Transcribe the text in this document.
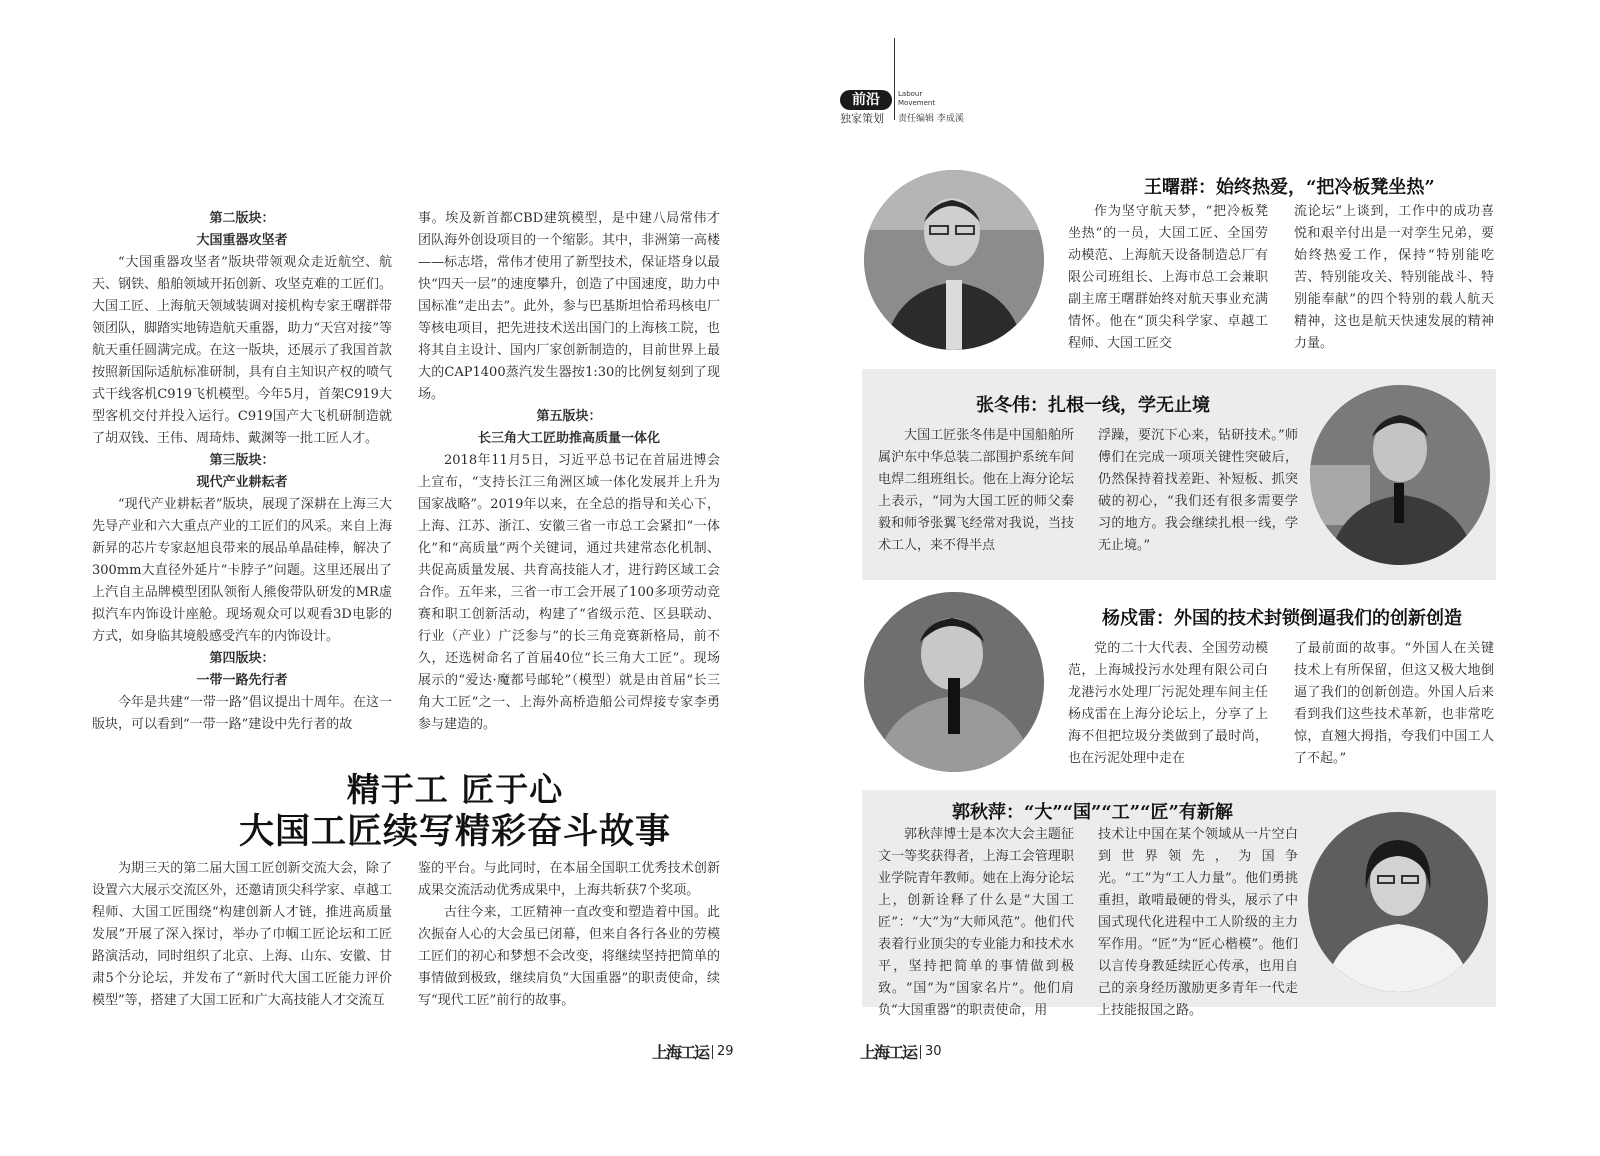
第二版块：
大国重器攻坚者

“大国重器攻坚者”版块带领观众走近航空、航天、钢铁、船舶领域开拓创新、攻坚克难的工匠们。大国工匠、上海航天领域装调对接机构专家王曙群带领团队，脚踏实地铸造航天重器，助力“天宫对接”等航天重任圆满完成。在这一版块，还展示了我国首款按照新国际适航标准研制，具有自主知识产权的喷气式干线客机C919飞机模型。今年5月，首架C919大型客机交付并投入运行。C919国产大飞机研制造就了胡双钱、王伟、周琦炜、戴渊等一批工匠人才。

第三版块：
现代产业耕耘者

“现代产业耕耘者”版块，展现了深耕在上海三大先导产业和六大重点产业的工匠们的风采。来自上海新昇的芯片专家赵旭良带来的展品单晶硅棒，解决了300mm大直径外延片“卡脖子”问题。这里还展出了上汽自主品牌模型团队领衔人熊俊带队研发的MR虚拟汽车内饰设计座舱。现场观众可以观看3D电影的方式，如身临其境般感受汽车的内饰设计。

第四版块：
一带一路先行者

今年是共建“一带一路”倡议提出十周年。在这一版块，可以看到“一带一路”建设中先行者的故

事。埃及新首都CBD建筑模型，是中建八局常伟才团队海外创设项目的一个缩影。其中，非洲第一高楼——标志塔，常伟才使用了新型技术，保证塔身以最快“四天一层”的速度攀升，创造了中国速度，助力中国标准“走出去”。此外，参与巴基斯坦恰希玛核电厂等核电项目，把先进技术送出国门的上海核工院，也将其自主设计、国内厂家创新制造的，目前世界上最大的CAP1400蒸汽发生器按1:30的比例复刻到了现场。

第五版块：
长三角大工匠助推高质量一体化

2018年11月5日，习近平总书记在首届进博会上宣布，“支持长江三角洲区域一体化发展并上升为国家战略”。2019年以来，在全总的指导和关心下，上海、江苏、浙江、安徽三省一市总工会紧扣“一体化”和“高质量”两个关键词，通过共建常态化机制、共促高质量发展、共育高技能人才，进行跨区域工会合作。五年来，三省一市工会开展了100多项劳动竞赛和职工创新活动，构建了“省级示范、区县联动、行业（产业）广泛参与”的长三角竞赛新格局，前不久，还选树命名了首届40位“长三角大工匠”。现场展示的“爱达·魔都号邮轮”（模型）就是由首届“长三角大工匠”之一、上海外高桥造船公司焊接专家李勇参与建造的。

精于工 匠于心
大国工匠续写精彩奋斗故事

为期三天的第二届大国工匠创新交流大会，除了设置六大展示交流区外，还邀请顶尖科学家、卓越工程师、大国工匠围绕“构建创新人才链，推进高质量发展”开展了深入探讨，举办了巾帼工匠论坛和工匠路演活动，同时组织了北京、上海、山东、安徽、甘肃5个分论坛，并发布了“新时代大国工匠能力评价模型”等，搭建了大国工匠和广大高技能人才交流互

鉴的平台。与此同时，在本届全国职工优秀技术创新成果交流活动优秀成果中，上海共斩获7个奖项。

古往今来，工匠精神一直改变和塑造着中国。此次振奋人心的大会虽已闭幕，但来自各行各业的劳模工匠们的初心和梦想不会改变，将继续坚持把简单的事情做到极致，继续肩负“大国重器”的职责使命，续写“现代工匠”前行的故事。

上海工运 29
前沿
独家策划
Labour
Movement
责任编辑 李成溪
王曙群：始终热爱，“把冷板凳坐热”

作为坚守航天梦，“把冷板凳坐热”的一员，大国工匠、全国劳动模范、上海航天设备制造总厂有限公司班组长、上海市总工会兼职副主席王曙群始终对航天事业充满情怀。他在“顶尖科学家、卓越工程师、大国工匠交

流论坛”上谈到，工作中的成功喜悦和艰辛付出是一对孪生兄弟，要始终热爱工作，保持“特别能吃苦、特别能攻关、特别能战斗、特别能奉献”的四个特别的载人航天精神，这也是航天快速发展的精神力量。

张冬伟：扎根一线，学无止境

大国工匠张冬伟是中国船舶所属沪东中华总装二部围护系统车间电焊二组班组长。他在上海分论坛上表示，“同为大国工匠的师父秦毅和师爷张翼飞经常对我说，当技术工人，来不得半点

浮躁，要沉下心来，钻研技术。”师傅们在完成一项项关键性突破后，仍然保持着找差距、补短板、抓突破的初心，“我们还有很多需要学习的地方。我会继续扎根一线，学无止境。”

杨戍雷：外国的技术封锁倒逼我们的创新创造

党的二十大代表、全国劳动模范，上海城投污水处理有限公司白龙港污水处理厂污泥处理车间主任杨戍雷在上海分论坛上，分享了上海不但把垃圾分类做到了最时尚，也在污泥处理中走在

了最前面的故事。“外国人在关键技术上有所保留，但这又极大地倒逼了我们的创新创造。外国人后来看到我们这些技术革新，也非常吃惊，直翘大拇指，夸我们中国工人了不起。”

郭秋萍：“大”“国”“工”“匠”有新解

郭秋萍博士是本次大会主题征文一等奖获得者，上海工会管理职业学院青年教师。她在上海分论坛上，创新诠释了什么是“大国工匠”：“大”为“大师风范”。他们代表着行业顶尖的专业能力和技术水平，坚持把简单的事情做到极致。“国”为“国家名片”。他们肩负“大国重器”的职责使命，用

技术让中国在某个领域从一片空白到世界领先，为国争光。“工”为“工人力量”。他们勇挑重担，敢啃最硬的骨头，展示了中国式现代化进程中工人阶级的主力军作用。“匠”为“匠心楷模”。他们以言传身教延续匠心传承，也用自己的亲身经历激励更多青年一代走上技能报国之路。

上海工运 30
